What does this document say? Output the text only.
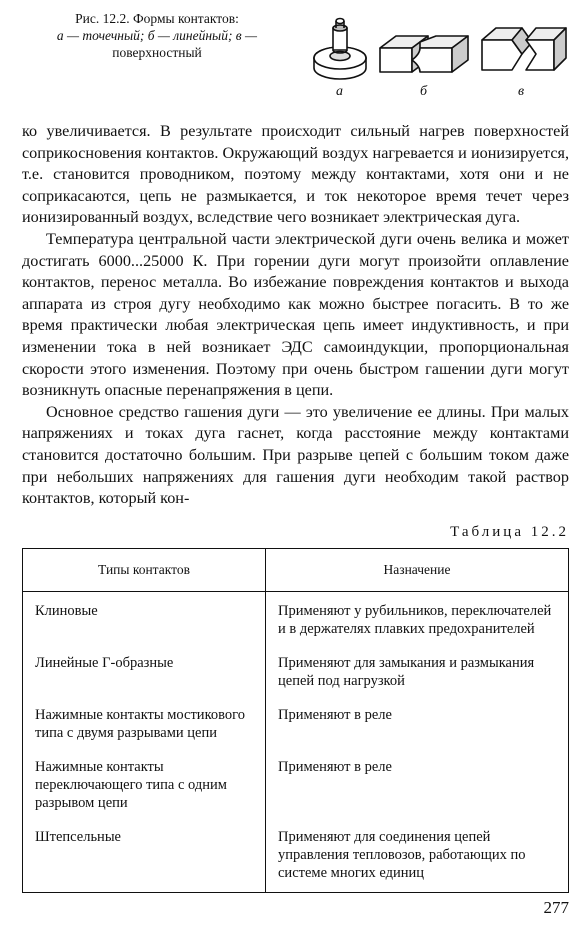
Рис. 12.2. Формы контактов:
а — точечный; б — линейный; в —
поверхностный
а	б	в

ко увеличивается. В результате происходит сильный нагрев поверхностей соприкосновения контактов. Окружающий воздух нагревается и ионизируется, т.е. становится проводником, поэтому между контактами, хотя они и не соприкасаются, цепь не размыкается, и ток некоторое время течет через ионизированный воздух, вследствие чего возникает электрическая дуга.

Температура центральной части электрической дуги очень велика и может достигать 6000...25000 К. При горении дуги могут произойти оплавление контактов, перенос металла. Во избежание повреждения контактов и выхода аппарата из строя дугу необходимо как можно быстрее погасить. В то же время практически любая электрическая цепь имеет индуктивность, и при изменении тока в ней возникает ЭДС самоиндукции, пропорциональная скорости этого изменения. Поэтому при очень быстром гашении дуги могут возникнуть опасные перенапряжения в цепи.

Основное средство гашения дуги — это увеличение ее длины. При малых напряжениях и токах дуга гаснет, когда расстояние между контактами становится достаточно большим. При разрыве цепей с большим током даже при небольших напряжениях для гашения дуги необходим такой раствор контактов, который кон-

Таблица 12.2
Типы контактов	Назначение
Клиновые	Применяют у рубильников, переключателей и в держателях плавких предохранителей
Линейные Г-образные	Применяют для замыкания и размыкания цепей под нагрузкой
Нажимные контакты мостикового типа с двумя разрывами цепи	Применяют в реле
Нажимные контакты переключающего типа с одним разрывом цепи	Применяют в реле
Штепсельные	Применяют для соединения цепей управления тепловозов, работающих по системе многих единиц
277
